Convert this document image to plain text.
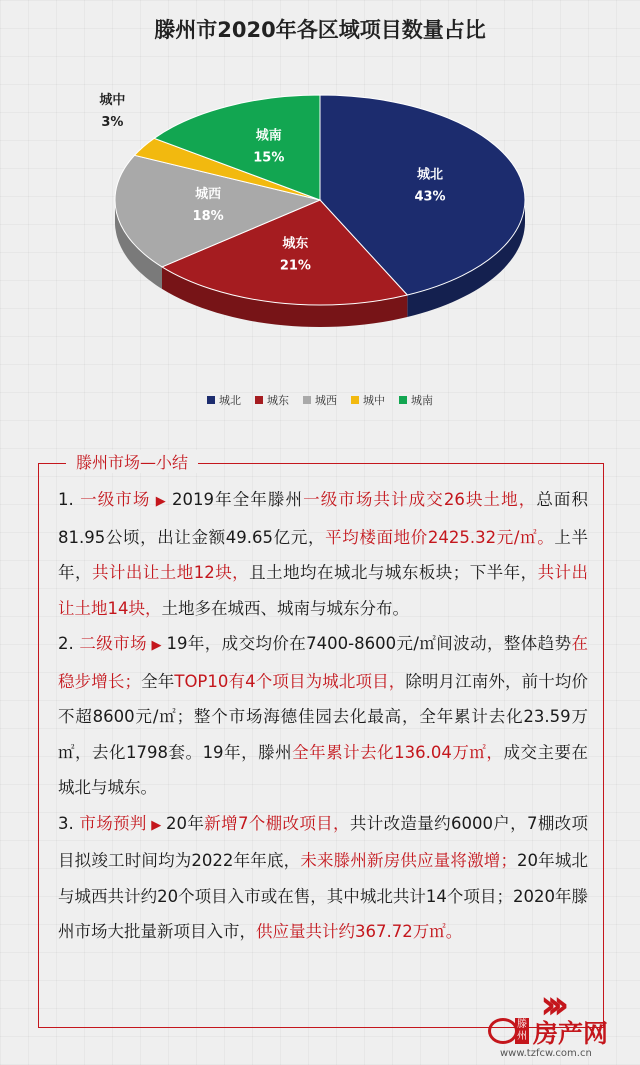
滕州市2020年各区域项目数量占比
城北
43%
城东
21%
城西
18%
城中
3%
城南
15%
城北 城东 城西 城中 城南
滕州市场—小结

1. 一级市场 ▶ 2019年全年滕州一级市场共计成交26块土地，总面积81.95公顷，出让金额49.65亿元，平均楼面地价2425.32元/㎡。上半年，共计出让土地12块，且土地均在城北与城东板块；下半年，共计出让土地14块，土地多在城西、城南与城东分布。

2. 二级市场 ▶ 19年，成交均价在7400-8600元/㎡间波动，整体趋势在稳步增长；全年TOP10有4个项目为城北项目，除明月江南外，前十均价不超8600元/㎡；整个市场海德佳园去化最高，全年累计去化23.59万㎡，去化1798套。19年，滕州全年累计去化136.04万㎡，成交主要在城北与城东。

3. 市场预判 ▶ 20年新增7个棚改项目，共计改造量约6000户，7棚改项目拟竣工时间均为2022年年底，未来滕州新房供应量将激增；20年城北与城西共计约20个项目入市或在售，其中城北共计14个项目；2020年滕州市场大批量新项目入市，供应量共计约367.72万㎡。

›››
滕州 房产网
www.tzfcw.com.cn
